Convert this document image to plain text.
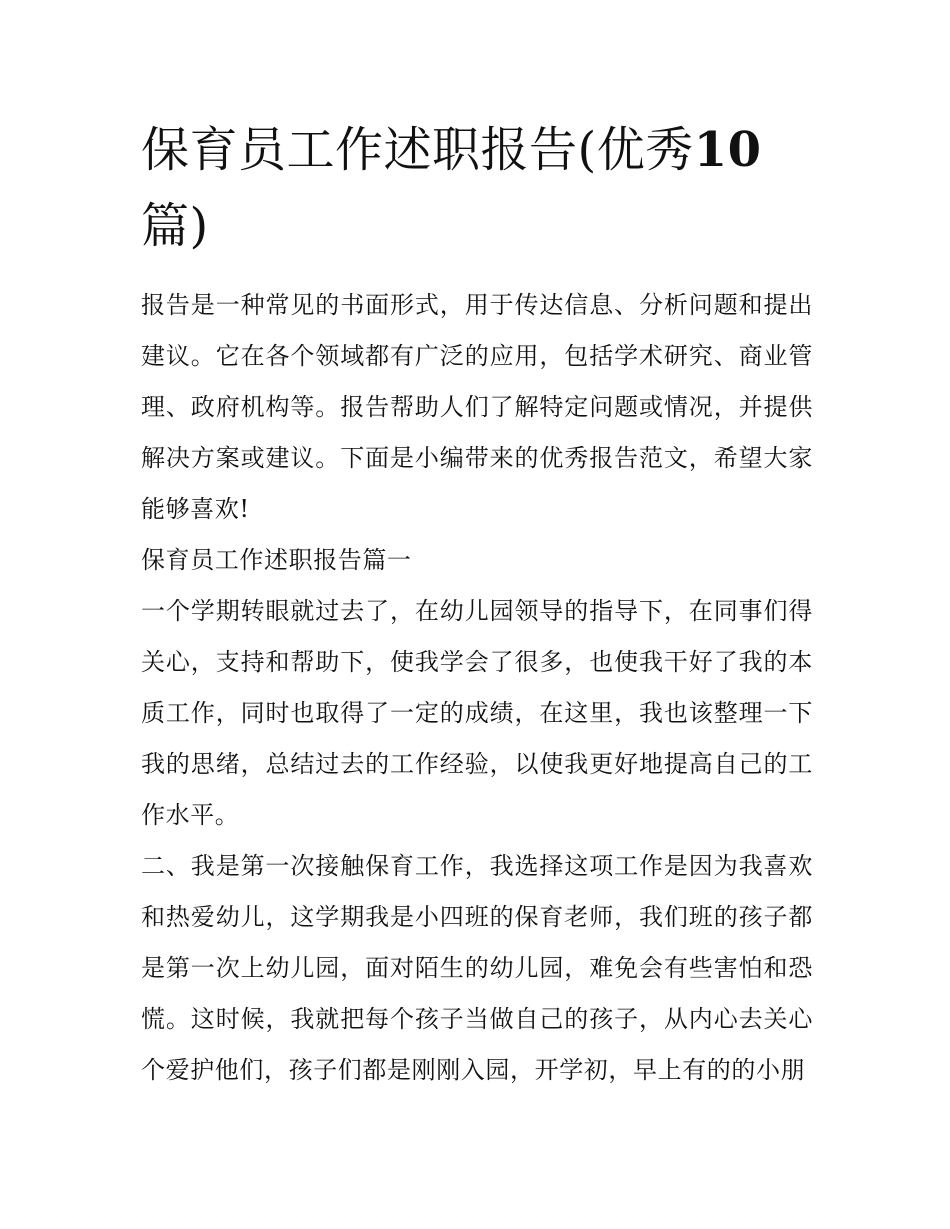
保育员工作述职报告(优秀10篇)

报告是一种常见的书面形式，用于传达信息、分析问题和提出建议。它在各个领域都有广泛的应用，包括学术研究、商业管理、政府机构等。报告帮助人们了解特定问题或情况，并提供解决方案或建议。下面是小编带来的优秀报告范文，希望大家能够喜欢!

保育员工作述职报告篇一

一个学期转眼就过去了，在幼儿园领导的指导下，在同事们得关心，支持和帮助下，使我学会了很多，也使我干好了我的本质工作，同时也取得了一定的成绩，在这里，我也该整理一下我的思绪，总结过去的工作经验，以使我更好地提高自己的工作水平。

二、我是第一次接触保育工作，我选择这项工作是因为我喜欢和热爱幼儿，这学期我是小四班的保育老师，我们班的孩子都是第一次上幼儿园，面对陌生的幼儿园，难免会有些害怕和恐慌。这时候，我就把每个孩子当做自己的孩子，从内心去关心个爱护他们，孩子们都是刚刚入园，开学初，早上有的的小朋
